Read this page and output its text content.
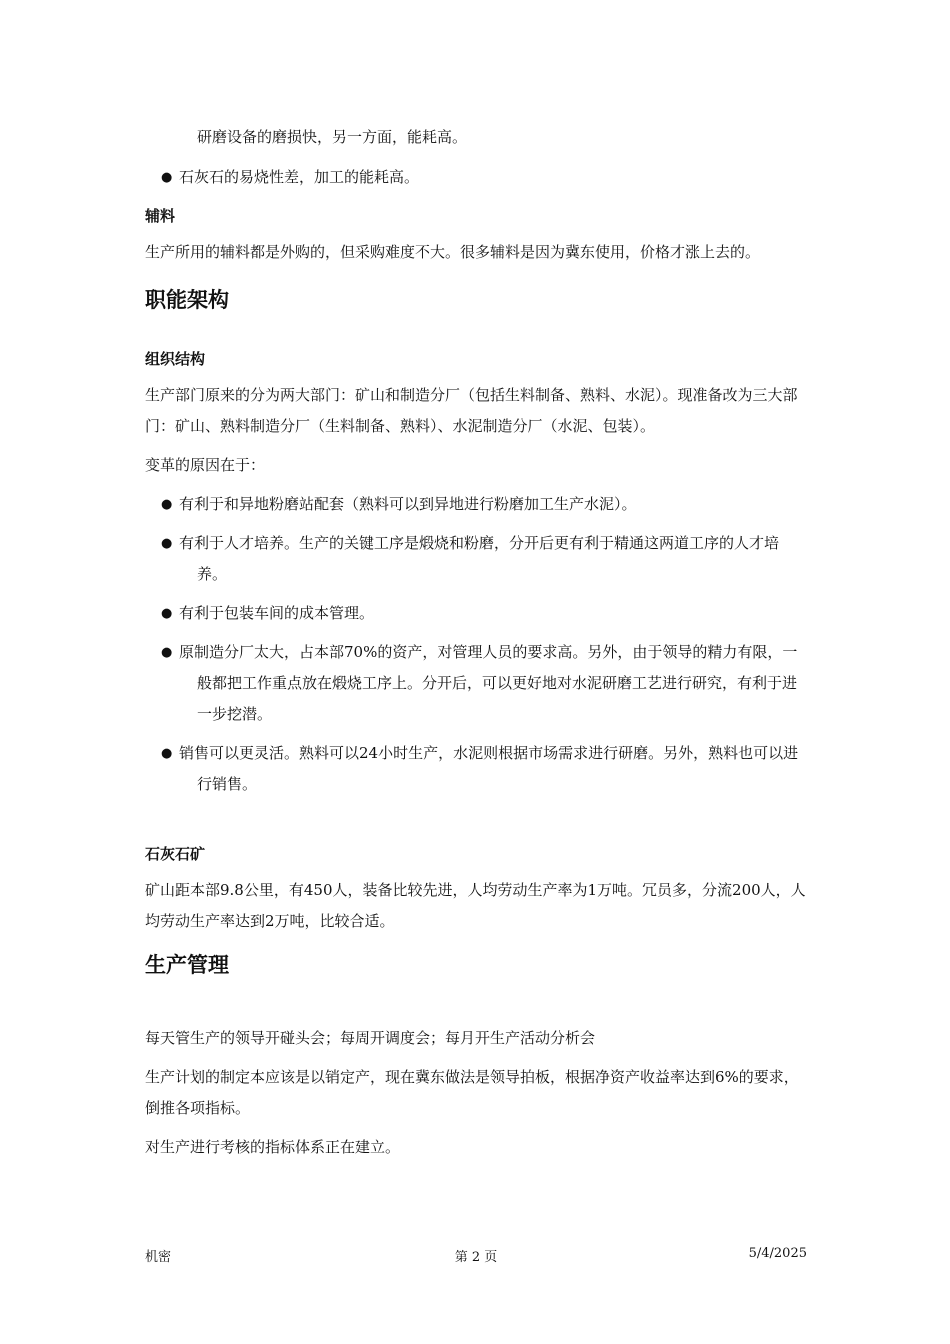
研磨设备的磨损快，另一方面，能耗高。

● 石灰石的易烧性差，加工的能耗高。
辅料

生产所用的辅料都是外购的，但采购难度不大。很多辅料是因为冀东使用，价格才涨上去的。

职能架构
组织结构

生产部门原来的分为两大部门：矿山和制造分厂（包括生料制备、熟料、水泥）。现准备改为三大部门：矿山、熟料制造分厂（生料制备、熟料）、水泥制造分厂（水泥、包装）。

变革的原因在于：

● 有利于和异地粉磨站配套（熟料可以到异地进行粉磨加工生产水泥）。
● 有利于人才培养。生产的关键工序是煅烧和粉磨，分开后更有利于精通这两道工序的人才培养。
● 有利于包装车间的成本管理。
● 原制造分厂太大，占本部70%的资产，对管理人员的要求高。另外，由于领导的精力有限，一般都把工作重点放在煅烧工序上。分开后，可以更好地对水泥研磨工艺进行研究，有利于进一步挖潜。
● 销售可以更灵活。熟料可以24小时生产，水泥则根据市场需求进行研磨。另外，熟料也可以进行销售。
石灰石矿

矿山距本部9.8公里，有450人，装备比较先进，人均劳动生产率为1万吨。冗员多，分流200人，人均劳动生产率达到2万吨，比较合适。

生产管理

每天管生产的领导开碰头会；每周开调度会；每月开生产活动分析会

生产计划的制定本应该是以销定产，现在冀东做法是领导拍板，根据净资产收益率达到6%的要求，倒推各项指标。

对生产进行考核的指标体系正在建立。

机密	第 2 页	5/4/2025
